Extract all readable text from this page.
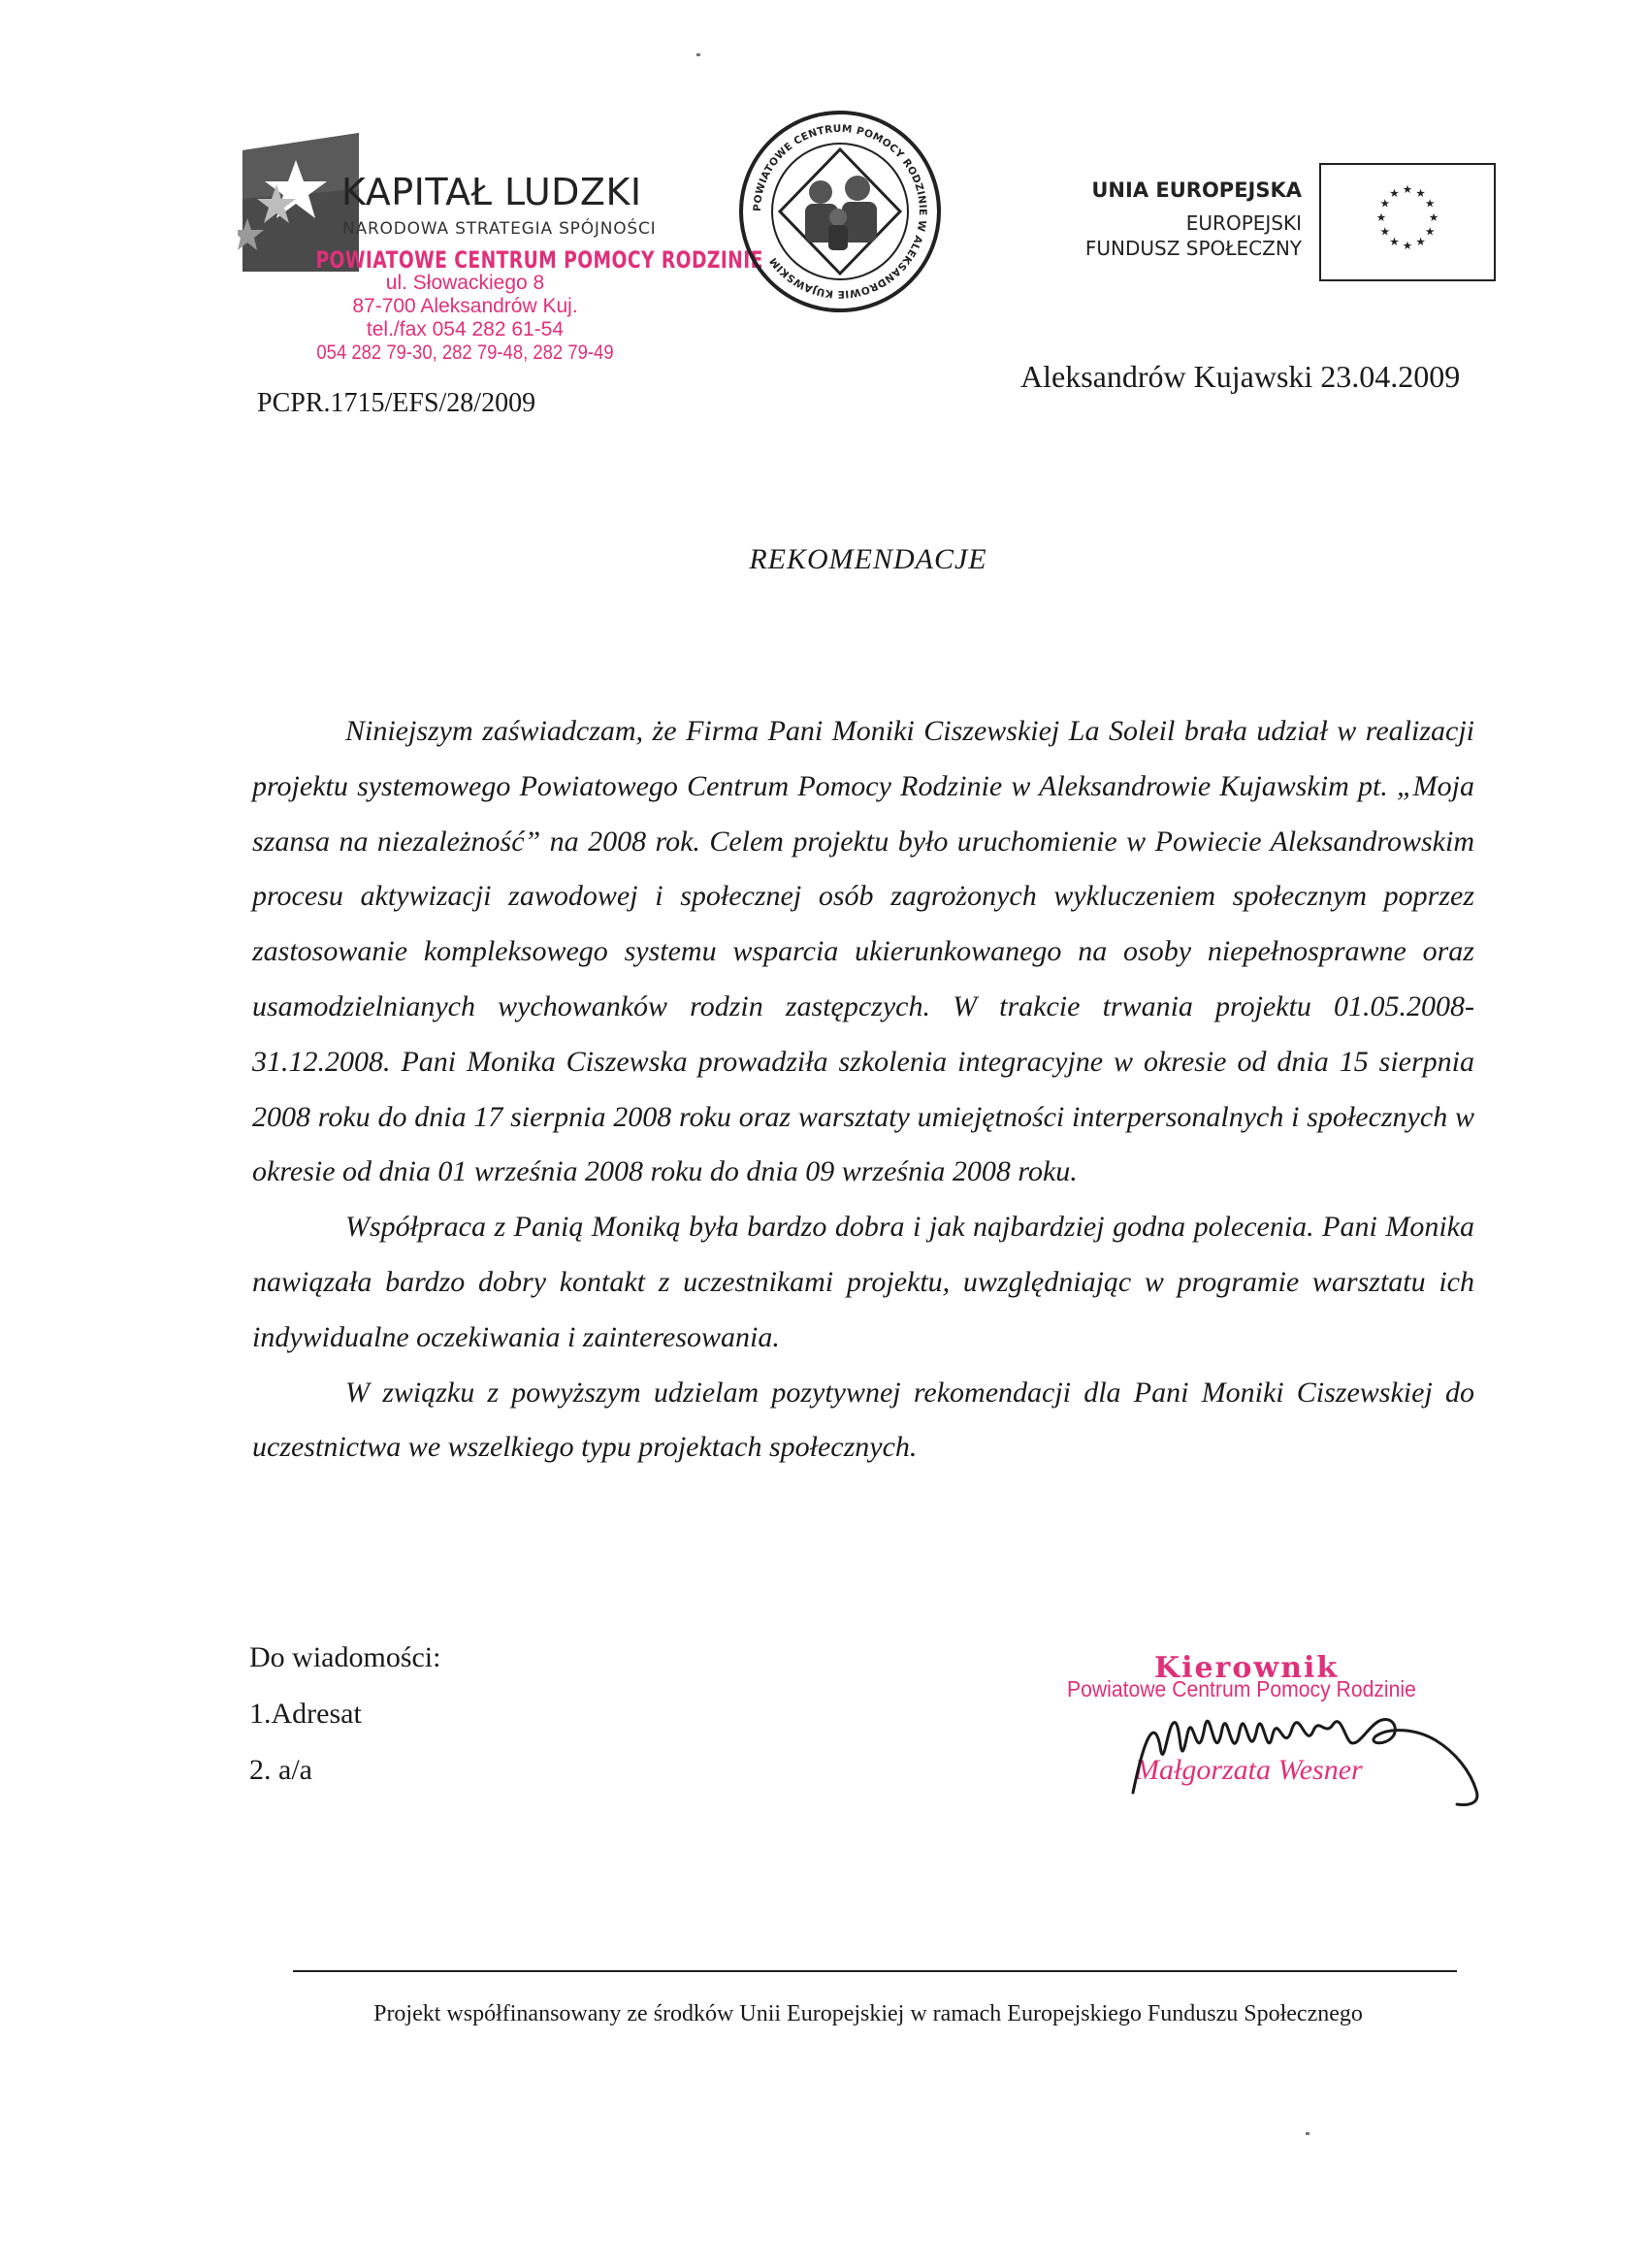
KAPITAŁ LUDZKI
NARODOWA STRATEGIA SPÓJNOŚCI
POWIATOWE CENTRUM POMOCY RODZINIE
ul. Słowackiego 8
87-700 Aleksandrów Kuj.
tel./fax 054 282 61-54
054 282 79-30, 282 79-48, 282 79-49
PCPR.1715/EFS/28/2009
POWIATOWE CENTRUM POMOCY RODZINIE W ALEKSANDROWIE KUJAWSKIM
UNIA EUROPEJSKA
EUROPEJSKI
FUNDUSZ SPOŁECZNY
★ ★
★
★
★
★
★
★
★
★
★
★
Aleksandrów Kujawski 23.04.2009
REKOMENDACJE

Niniejszym zaświadczam, że Firma Pani Moniki Ciszewskiej La Soleil brała udział w realizacji projektu systemowego Powiatowego Centrum Pomocy Rodzinie w Aleksandrowie Kujawskim pt. „Moja szansa na niezależność” na 2008 rok. Celem projektu było uruchomienie w Powiecie Aleksandrowskim procesu aktywizacji zawodowej i społecznej osób zagrożonych wykluczeniem społecznym poprzez zastosowanie kompleksowego systemu wsparcia ukierunkowanego na osoby niepełnosprawne oraz usamodzielnianych wychowanków rodzin zastępczych. W trakcie trwania projektu 01.05.2008- 31.12.2008. Pani Monika Ciszewska prowadziła szkolenia integracyjne w okresie od dnia 15 sierpnia 2008 roku do dnia 17 sierpnia 2008 roku oraz warsztaty umiejętności interpersonalnych i społecznych w okresie od dnia 01 września 2008 roku do dnia 09 września 2008 roku.

Współpraca z Panią Moniką była bardzo dobra i jak najbardziej godna polecenia. Pani Monika nawiązała bardzo dobry kontakt z uczestnikami projektu, uwzględniając w programie warsztatu ich indywidualne oczekiwania i zainteresowania.

W związku z powyższym udzielam pozytywnej rekomendacji dla Pani Moniki Ciszewskiej do uczestnictwa we wszelkiego typu projektach społecznych.

Do wiadomości:
1.Adresat
2. a/a
Kierownik
Powiatowe Centrum Pomocy Rodzinie
Małgorzata Wesner
Projekt współfinansowany ze środków Unii Europejskiej w ramach Europejskiego Funduszu Społecznego
